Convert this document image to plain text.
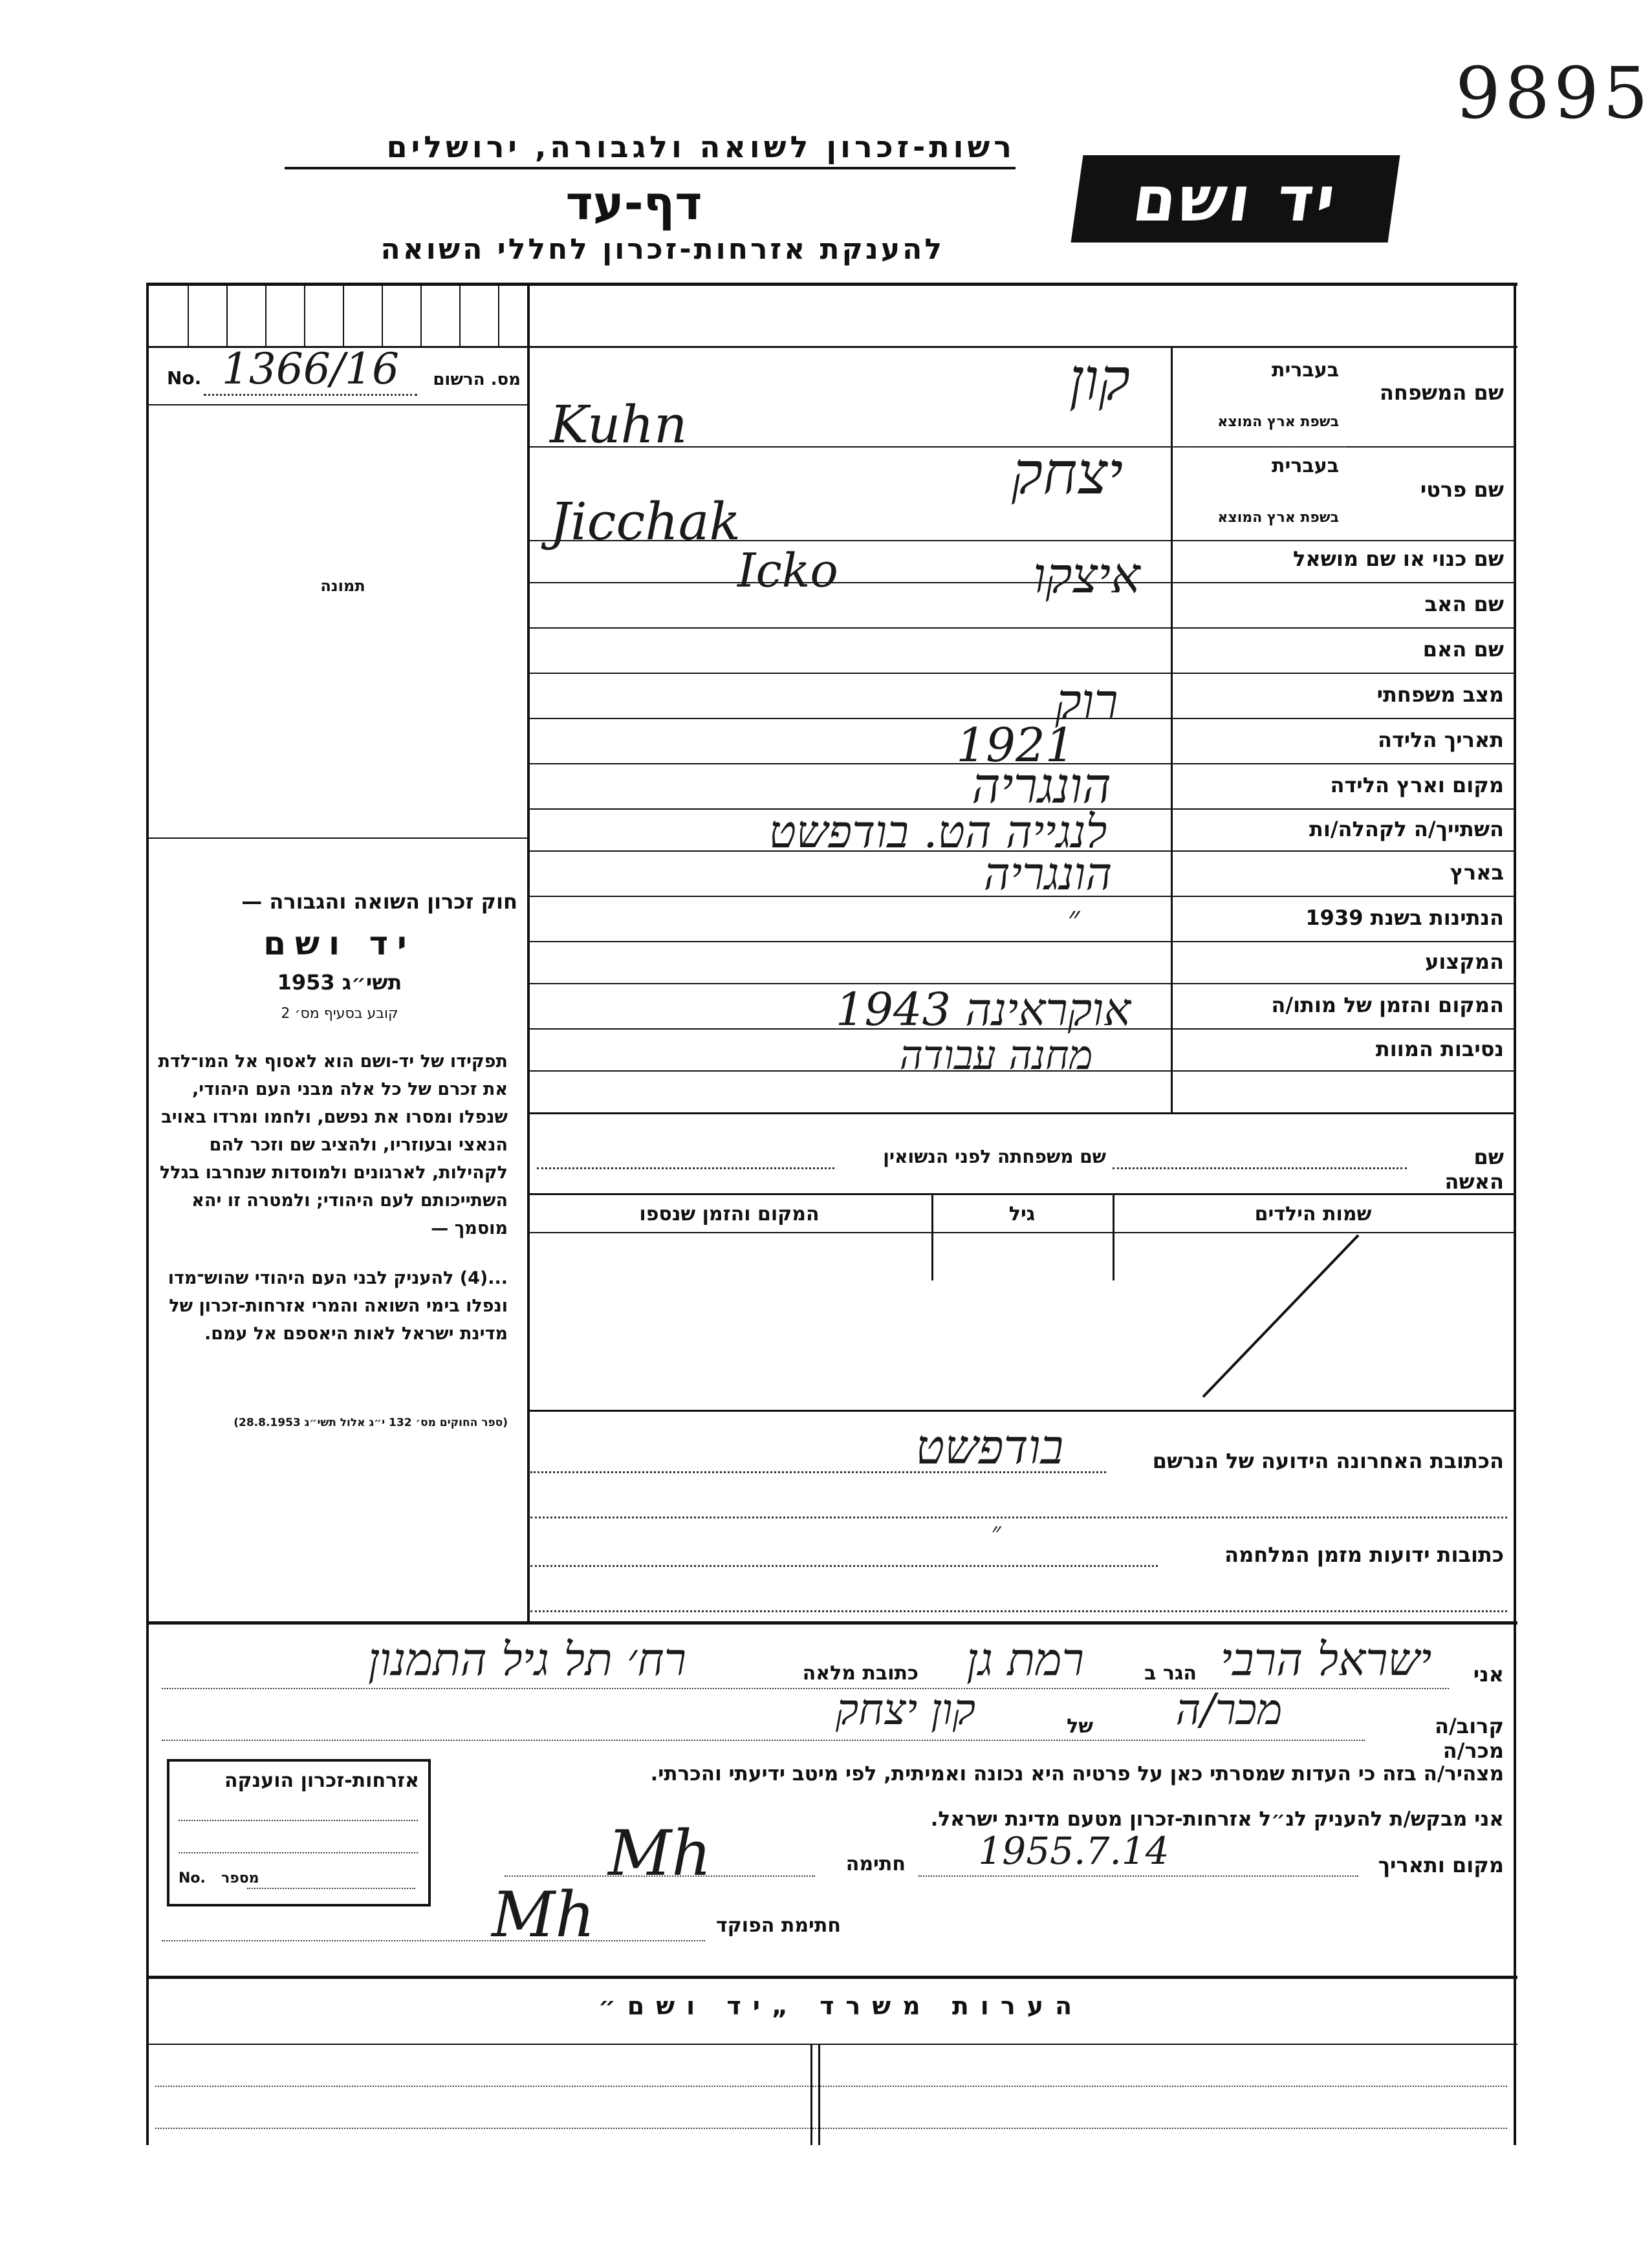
9895
רשות-זכרון לשואה ולגבורה, ירושלים
דף-עד
להענקת אזרחות-זכרון לחללי השואה
יד ושם
No. 1366/16	מס. הרשום
תמונה
חוק זכרון השואה והגבורה —
יד ושם
תשי״ג 1953
קובע בסעיף מס׳ 2
תפקידו של יד-ושם הוא לאסוף אל המו־לדת את זכרם של כל אלה מבני העם היהודי, שנפלו ומסרו את נפשם, ולחמו ומרדו באויב הנאצי ובעוזריו, ולהציב שם וזכר להם לקהילות, לארגונים ולמוסדות שנחרבו בגלל השתייכותם לעם היהודי; ולמטרה זו יהא מוסמך —
...(4) להעניק לבני העם היהודי שהוש־מדו ונפלו בימי השואה והמרי אזרחות-זכרון של מדינת ישראל לאות היאספם אל עמם.
(ספר החוקים מס׳ 132 י״ג אלול תשי״ג 28.8.1953)
שם המשפחה
בעברית
בשפת ארץ המוצא
קון
Kuhn
שם פרטי
בעברית
בשפת ארץ המוצא
יצחק
Jicchak
שם כנוי או שם מושאל
איצקו
Icko
שם האב
שם האם
מצב משפחתי
רוק
תאריך הלידה
1921
מקום וארץ הלידה
הונגריה
השתייך/ה לקהלה/ות
לנגייה הט. בודפשט
בארץ
הונגריה
הנתינות בשנת 1939
״
המקצוע
המקום והזמן של מותו/ה
אוקראינה 1943
נסיבות המוות
מחנה עבודה
שם האשה
שם משפחתה לפני הנשואין
שמות הילדים
גיל
המקום והזמן שנספו
הכתובת האחרונה הידועה של הנרשם
בודפשט
כתובות ידועות מזמן המלחמה
״
אני
ישראל הרבי
הגר ב
רמת גן
כתובת מלאה
רח׳ תל גיל התמנון
קרוב/ה מכר/ה
מכר/ה
של
קון יצחק
אזרחות-זכרון הוענקה
No. מספר
מצהיר/ה בזה כי העדות שמסרתי כאן על פרטיה היא נכונה ואמיתית, לפי מיטב ידיעתי והכרתי.
אני מבקש/ת להעניק לנ״ל אזרחות-זכרון מטעם מדינת ישראל.
מקום ותאריך
1955.7.14
חתימה
Mh
חתימת הפוקד
Mh
הערות משרד „יד ושם״
